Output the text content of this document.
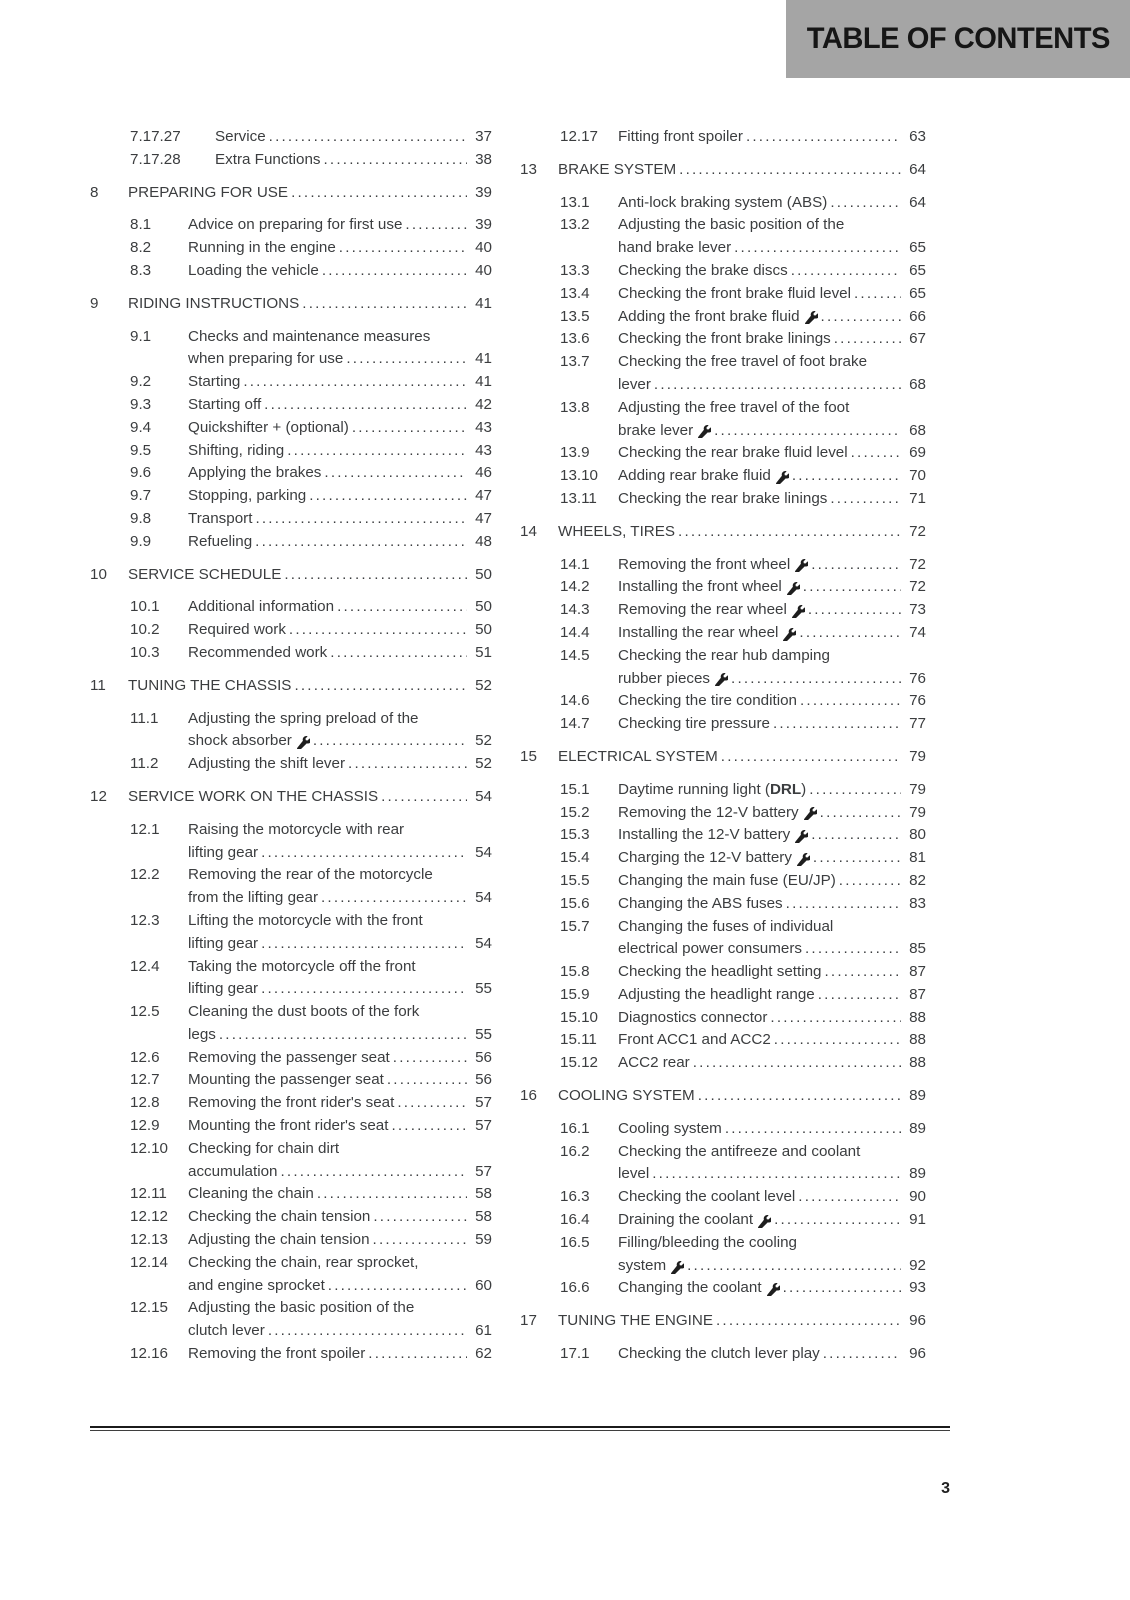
TABLE OF CONTENTS
7.17.27	Service .....	37
7.17.28	Extra Functions .....	38
8	PREPARING FOR USE .....	39
8.1	Advice on preparing for first use .....	39
8.2	Running in the engine .....	40
8.3	Loading the vehicle .....	40
9	RIDING INSTRUCTIONS .....	41
9.1	Checks and maintenance measures
when preparing for use .....	41
9.2	Starting .....	41
9.3	Starting off .....	42
9.4	Quickshifter + (optional) .....	43
9.5	Shifting, riding .....	43
9.6	Applying the brakes .....	46
9.7	Stopping, parking .....	47
9.8	Transport .....	47
9.9	Refueling .....	48
10	SERVICE SCHEDULE .....	50
10.1	Additional information .....	50
10.2	Required work .....	50
10.3	Recommended work .....	51
11	TUNING THE CHASSIS .....	52
11.1	Adjusting the spring preload of the
shock absorber .....	52
11.2	Adjusting the shift lever .....	52
12	SERVICE WORK ON THE CHASSIS .....	54
12.1	Raising the motorcycle with rear
lifting gear .....	54
12.2	Removing the rear of the motorcycle
from the lifting gear .....	54
12.3	Lifting the motorcycle with the front
lifting gear .....	54
12.4	Taking the motorcycle off the front
lifting gear .....	55
12.5	Cleaning the dust boots of the fork
legs .....	55
12.6	Removing the passenger seat .....	56
12.7	Mounting the passenger seat .....	56
12.8	Removing the front rider's seat .....	57
12.9	Mounting the front rider's seat .....	57
12.10	Checking for chain dirt
accumulation .....	57
12.11	Cleaning the chain .....	58
12.12	Checking the chain tension .....	58
12.13	Adjusting the chain tension .....	59
12.14	Checking the chain, rear sprocket,
and engine sprocket .....	60
12.15	Adjusting the basic position of the
clutch lever .....	61
12.16	Removing the front spoiler .....	62
12.17	Fitting front spoiler .....	63
13	BRAKE SYSTEM .....	64
13.1	Anti-lock braking system (ABS) .....	64
13.2	Adjusting the basic position of the
hand brake lever .....	65
13.3	Checking the brake discs .....	65
13.4	Checking the front brake fluid level .....	65
13.5	Adding the front brake fluid .....	66
13.6	Checking the front brake linings .....	67
13.7	Checking the free travel of foot brake
lever .....	68
13.8	Adjusting the free travel of the foot
brake lever .....	68
13.9	Checking the rear brake fluid level .....	69
13.10	Adding rear brake fluid .....	70
13.11	Checking the rear brake linings .....	71
14	WHEELS, TIRES .....	72
14.1	Removing the front wheel .....	72
14.2	Installing the front wheel .....	72
14.3	Removing the rear wheel .....	73
14.4	Installing the rear wheel .....	74
14.5	Checking the rear hub damping
rubber pieces .....	76
14.6	Checking the tire condition .....	76
14.7	Checking tire pressure .....	77
15	ELECTRICAL SYSTEM .....	79
15.1	Daytime running light (DRL) .....	79
15.2	Removing the 12-V battery .....	79
15.3	Installing the 12-V battery .....	80
15.4	Charging the 12-V battery .....	81
15.5	Changing the main fuse (EU/JP) .....	82
15.6	Changing the ABS fuses .....	83
15.7	Changing the fuses of individual
electrical power consumers .....	85
15.8	Checking the headlight setting .....	87
15.9	Adjusting the headlight range .....	87
15.10	Diagnostics connector .....	88
15.11	Front ACC1 and ACC2 .....	88
15.12	ACC2 rear .....	88
16	COOLING SYSTEM .....	89
16.1	Cooling system .....	89
16.2	Checking the antifreeze and coolant
level .....	89
16.3	Checking the coolant level .....	90
16.4	Draining the coolant .....	91
16.5	Filling/bleeding the cooling
system .....	92
16.6	Changing the coolant .....	93
17	TUNING THE ENGINE .....	96
17.1	Checking the clutch lever play .....	96
3
